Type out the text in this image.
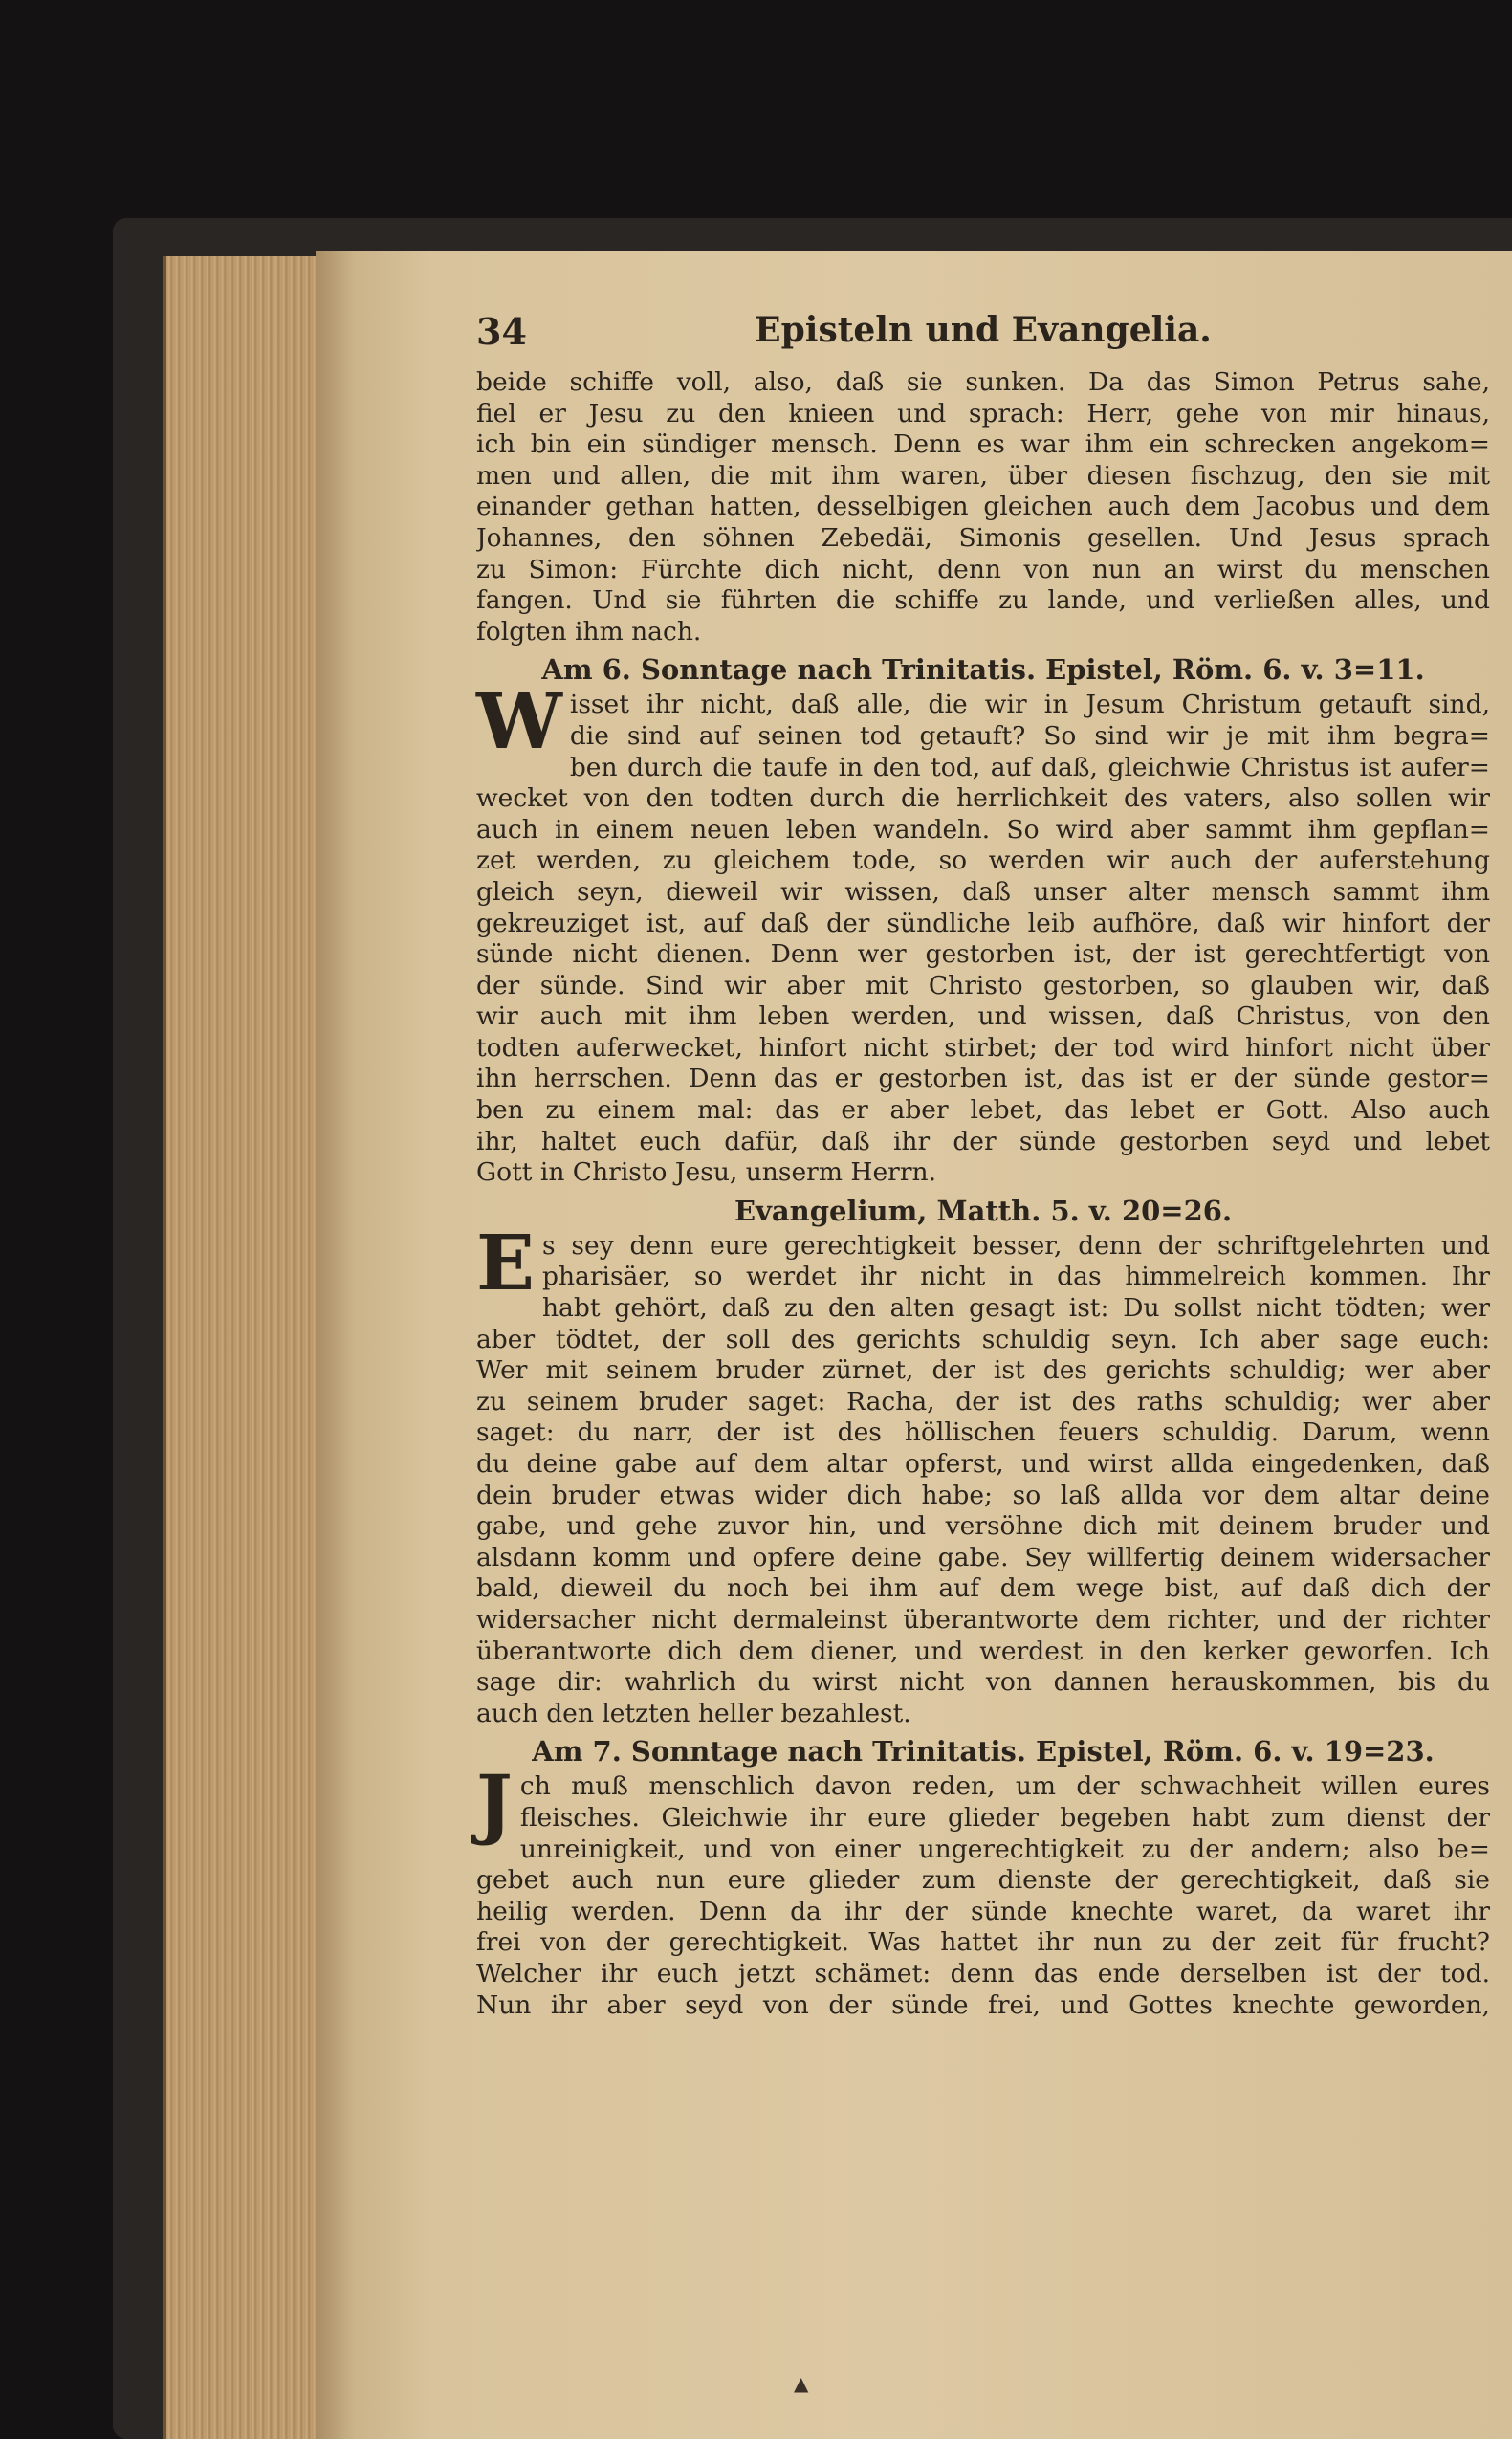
34	Episteln und Evangelia.
beide schiffe voll, also, daß sie sunken. Da das Simon Petrus sahe,
fiel er Jesu zu den knieen und sprach: Herr, gehe von mir hinaus,
ich bin ein sündiger mensch. Denn es war ihm ein schrecken angekom=
men und allen, die mit ihm waren, über diesen fischzug, den sie mit
einander gethan hatten, desselbigen gleichen auch dem Jacobus und dem
Johannes, den söhnen Zebedäi, Simonis gesellen. Und Jesus sprach
zu Simon: Fürchte dich nicht, denn von nun an wirst du menschen
fangen. Und sie führten die schiffe zu lande, und verließen alles, und
folgten ihm nach.
Am 6. Sonntage nach Trinitatis. Epistel, Röm. 6. v. 3=11.
W isset ihr nicht, daß alle, die wir in Jesum Christum getauft sind,
die sind auf seinen tod getauft? So sind wir je mit ihm begra=
ben durch die taufe in den tod, auf daß, gleichwie Christus ist aufer=
wecket von den todten durch die herrlichkeit des vaters, also sollen wir
auch in einem neuen leben wandeln. So wird aber sammt ihm gepflan=
zet werden, zu gleichem tode, so werden wir auch der auferstehung
gleich seyn, dieweil wir wissen, daß unser alter mensch sammt ihm
gekreuziget ist, auf daß der sündliche leib aufhöre, daß wir hinfort der
sünde nicht dienen. Denn wer gestorben ist, der ist gerechtfertigt von
der sünde. Sind wir aber mit Christo gestorben, so glauben wir, daß
wir auch mit ihm leben werden, und wissen, daß Christus, von den
todten auferwecket, hinfort nicht stirbet; der tod wird hinfort nicht über
ihn herrschen. Denn das er gestorben ist, das ist er der sünde gestor=
ben zu einem mal: das er aber lebet, das lebet er Gott. Also auch
ihr, haltet euch dafür, daß ihr der sünde gestorben seyd und lebet
Gott in Christo Jesu, unserm Herrn.
Evangelium, Matth. 5. v. 20=26.
E s sey denn eure gerechtigkeit besser, denn der schriftgelehrten und
pharisäer, so werdet ihr nicht in das himmelreich kommen. Ihr
habt gehört, daß zu den alten gesagt ist: Du sollst nicht tödten; wer
aber tödtet, der soll des gerichts schuldig seyn. Ich aber sage euch:
Wer mit seinem bruder zürnet, der ist des gerichts schuldig; wer aber
zu seinem bruder saget: Racha, der ist des raths schuldig; wer aber
saget: du narr, der ist des höllischen feuers schuldig. Darum, wenn
du deine gabe auf dem altar opferst, und wirst allda eingedenken, daß
dein bruder etwas wider dich habe; so laß allda vor dem altar deine
gabe, und gehe zuvor hin, und versöhne dich mit deinem bruder und
alsdann komm und opfere deine gabe. Sey willfertig deinem widersacher
bald, dieweil du noch bei ihm auf dem wege bist, auf daß dich der
widersacher nicht dermaleinst überantworte dem richter, und der richter
überantworte dich dem diener, und werdest in den kerker geworfen. Ich
sage dir: wahrlich du wirst nicht von dannen herauskommen, bis du
auch den letzten heller bezahlest.
Am 7. Sonntage nach Trinitatis. Epistel, Röm. 6. v. 19=23.
J ch muß menschlich davon reden, um der schwachheit willen eures
fleisches. Gleichwie ihr eure glieder begeben habt zum dienst der
unreinigkeit, und von einer ungerechtigkeit zu der andern; also be=
gebet auch nun eure glieder zum dienste der gerechtigkeit, daß sie
heilig werden. Denn da ihr der sünde knechte waret, da waret ihr
frei von der gerechtigkeit. Was hattet ihr nun zu der zeit für frucht?
Welcher ihr euch jetzt schämet: denn das ende derselben ist der tod.
Nun ihr aber seyd von der sünde frei, und Gottes knechte geworden,
▲
